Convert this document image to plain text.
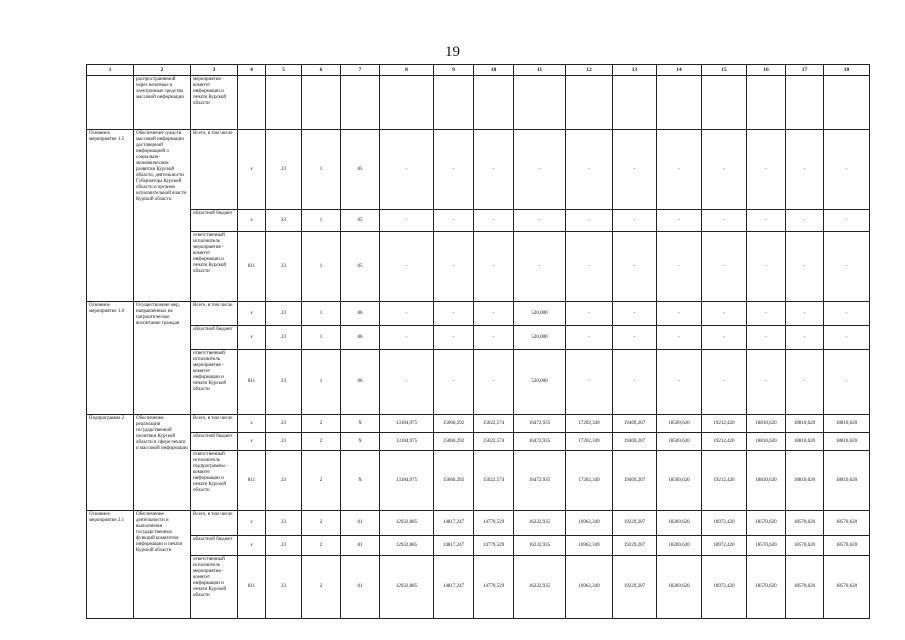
19
1	2	3	4	5	6	7	8	9	10	11	12	13	14	15	16	17	18
	распространяемой через печатные и электронные средства массовой информации	мероприятия - комитет информации и печати Курской области															
Основное мероприятие 1.5	Обеспечение средств массовой информации достоверной информацией о социально-экономическом развитии Курской области, деятельности Губернатора Курской области и органов исполнительной власти Курской области	Всего, в том числе	x	23	1	05	-	-	-	-	-	-	-	-	-	-	-
		областной бюджет	x	23	1	05	-	-	-	-	-	-	-	-	-	-	-
		ответственный исполнитель мероприятия - комитет информации и печати Курской области	811	23	1	05	-	-	-	-	-	-	-	-	-	-	-
Основное мероприятие 1.6	Осуществление мер, направленных на патриотическое воспитание граждан	Всего, в том числе	x	23	1	06	-	-	-	520,000	-	-	-	-	-	-	-
		областной бюджет	x	23	1	06	-	-	-	520,000	-	-	-	-	-	-	-
		ответственный исполнитель мероприятия - комитет информации и печати Курской области	811	23	1	06	-	-	-	520,000	-	-	-	-	-	-	-
Подпрограмма 2	Обеспечение реализации государственной политики Курской области в сфере печати и массовой информации	Всего, в том числе	x	23	2	X	13184,975	15060,292	15022,574	16472,935	17202,349	19469,207	18509,620	19212,420	18810,620	18810,620	18810,620
		областной бюджет	x	23	2	X	13184,975	15060,292	15022,574	16472,935	17202,349	19469,207	18509,620	19212,420	18810,620	18810,620	18810,620
		ответственный исполнитель подпрограммы - комитет информации и печати Курской области	811	23	2	X	13184,975	15060,292	15022,574	16472,935	17202,349	19469,207	18509,620	19212,420	18810,620	18810,620	18810,620
Основное мероприятие 2.1	Обеспечение деятельности и выполнения государственных функций комитетом информации и печати Курской области	Всего, в том числе	x	23	2	01	12932,885	14817,247	14779,529	16232,935	16962,349	19229,207	18269,620	18972,420	18570,620	18570,620	18570,620
		областной бюджет	x	23	2	01	12932,885	14817,247	14779,529	16232,935	16962,349	19229,207	18269,620	18972,420	18570,620	18570,620	18570,620
		ответственный исполнитель мероприятия - комитет информации и печати Курской области	811	23	2	01	12932,885	14817,247	14779,529	16232,935	16962,349	19229,207	18269,620	18972,420	18570,620	18570,620	18570,620
